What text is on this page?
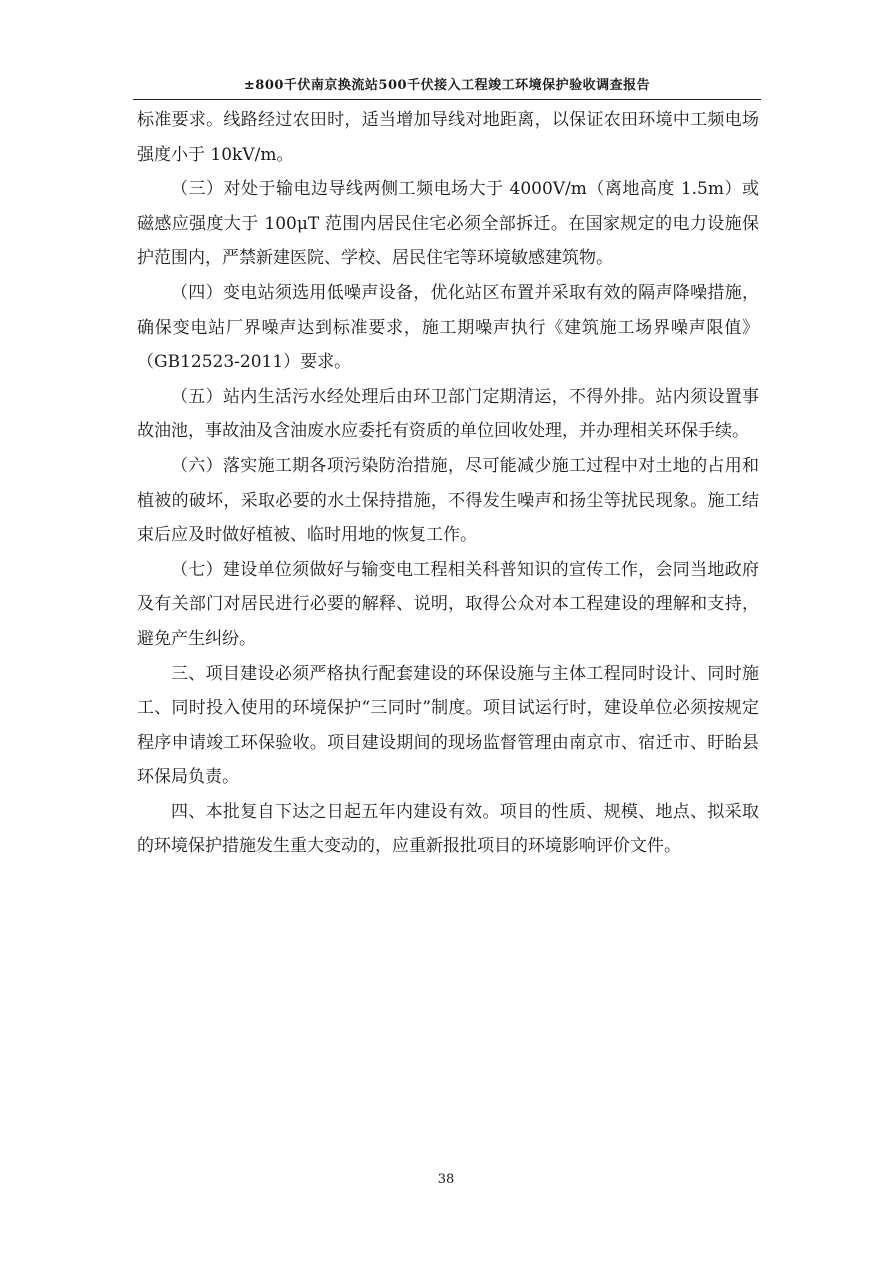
±800千伏南京换流站500千伏接入工程竣工环境保护验收调查报告

标准要求。线路经过农田时，适当增加导线对地距离，以保证农田环境中工频电场强度小于 10kV/m。

（三）对处于输电边导线两侧工频电场大于 4000V/m（离地高度 1.5m）或磁感应强度大于 100μT 范围内居民住宅必须全部拆迁。在国家规定的电力设施保护范围内，严禁新建医院、学校、居民住宅等环境敏感建筑物。

（四）变电站须选用低噪声设备，优化站区布置并采取有效的隔声降噪措施，确保变电站厂界噪声达到标准要求，施工期噪声执行《建筑施工场界噪声限值》（GB12523-2011）要求。

（五）站内生活污水经处理后由环卫部门定期清运，不得外排。站内须设置事故油池，事故油及含油废水应委托有资质的单位回收处理，并办理相关环保手续。

（六）落实施工期各项污染防治措施，尽可能减少施工过程中对土地的占用和植被的破坏，采取必要的水土保持措施，不得发生噪声和扬尘等扰民现象。施工结束后应及时做好植被、临时用地的恢复工作。

（七）建设单位须做好与输变电工程相关科普知识的宣传工作，会同当地政府及有关部门对居民进行必要的解释、说明，取得公众对本工程建设的理解和支持，避免产生纠纷。

三、项目建设必须严格执行配套建设的环保设施与主体工程同时设计、同时施工、同时投入使用的环境保护“三同时”制度。项目试运行时，建设单位必须按规定程序申请竣工环保验收。项目建设期间的现场监督管理由南京市、宿迁市、盱眙县环保局负责。

四、本批复自下达之日起五年内建设有效。项目的性质、规模、地点、拟采取的环境保护措施发生重大变动的，应重新报批项目的环境影响评价文件。

38
